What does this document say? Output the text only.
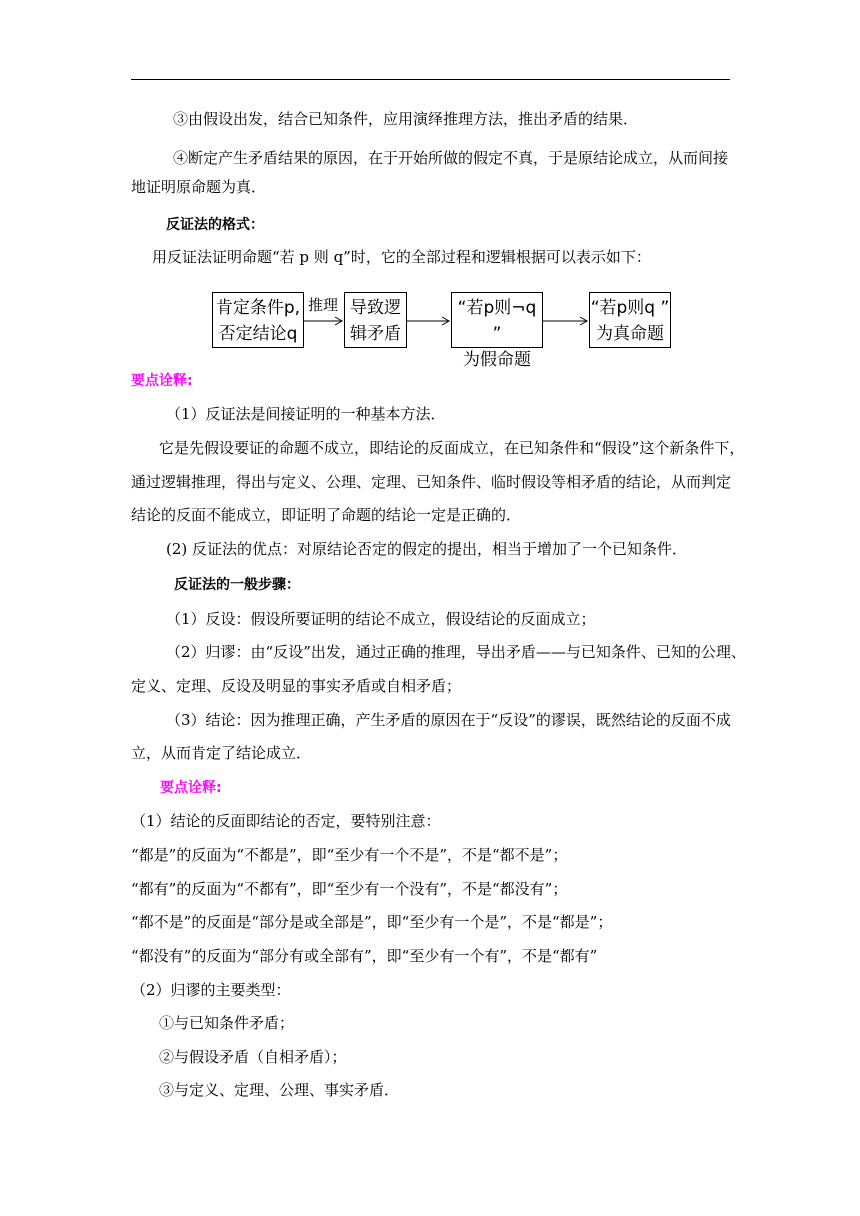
③由假设出发，结合已知条件，应用演绎推理方法，推出矛盾的结果．
④断定产生矛盾结果的原因，在于开始所做的假定不真，于是原结论成立，从而间接
地证明原命题为真．
反证法的格式：
用反证法证明命题“若 p 则 q”时，它的全部过程和逻辑根据可以表示如下：
肯定条件p,
否定结论q
推理 导致逻
辑矛盾
“若p则¬q ”
为假命题
“若p则q ”
为真命题
要点诠释:
（1）反证法是间接证明的一种基本方法．
它是先假设要证的命题不成立，即结论的反面成立，在已知条件和“假设”这个新条件下，
通过逻辑推理，得出与定义、公理、定理、已知条件、临时假设等相矛盾的结论，从而判定
结论的反面不能成立，即证明了命题的结论一定是正确的．
(2) 反证法的优点：对原结论否定的假定的提出，相当于增加了一个已知条件．
反证法的一般步骤：
（1）反设：假设所要证明的结论不成立，假设结论的反面成立；
（2）归谬：由“反设”出发，通过正确的推理，导出矛盾——与已知条件、已知的公理、
定义、定理、反设及明显的事实矛盾或自相矛盾；
（3）结论：因为推理正确，产生矛盾的原因在于“反设”的谬误，既然结论的反面不成
立，从而肯定了结论成立．
要点诠释:
（1）结论的反面即结论的否定，要特别注意：
“都是”的反面为“不都是”，即“至少有一个不是”，不是“都不是”；
“都有”的反面为“不都有”，即“至少有一个没有”，不是“都没有”；
“都不是”的反面是“部分是或全部是”，即“至少有一个是”，不是“都是”；
“都没有”的反面为“部分有或全部有”，即“至少有一个有”，不是“都有”
（2）归谬的主要类型：
①与已知条件矛盾；
②与假设矛盾（自相矛盾）；
③与定义、定理、公理、事实矛盾．
